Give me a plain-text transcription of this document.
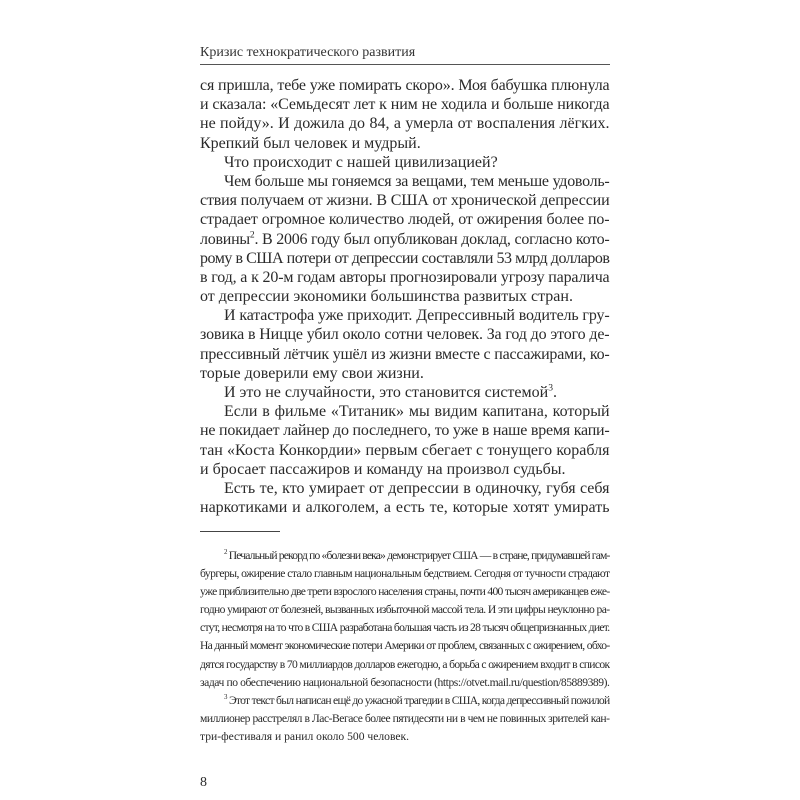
Кризис технократического развития
ся пришла, тебе уже помирать скоро». Моя бабушка плюнула
и сказала: «Семьдесят лет к ним не ходила и больше никогда
не пойду». И дожила до 84, а умерла от воспаления лёгких.
Крепкий был человек и мудрый.
Что происходит с нашей цивилизацией?
Чем больше мы гоняемся за вещами, тем меньше удоволь-
ствия получаем от жизни. В США от хронической депрессии
страдает огромное количество людей, от ожирения более по-
ловины$^2$. В 2006 году был опубликован доклад, согласно кото-
рому в США потери от депрессии составляли 53 млрд долларов
в год, а к 20-м годам авторы прогнозировали угрозу паралича
от депрессии экономики большинства развитых стран.
И катастрофа уже приходит. Депрессивный водитель гру-
зовика в Ницце убил около сотни человек. За год до этого де-
прессивный лётчик ушёл из жизни вместе с пассажирами, ко-
торые доверили ему свои жизни.
И это не случайности, это становится системой$^3$.
Если в фильме «Титаник» мы видим капитана, который
не покидает лайнер до последнего, то уже в наше время капи-
тан «Коста Конкордии» первым сбегает с тонущего корабля
и бросает пассажиров и команду на произвол судьбы.
Есть те, кто умирает от депрессии в одиночку, губя себя
наркотиками и алкоголем, а есть те, которые хотят умирать
$^2$ Печальный рекорд по «болезни века» демонстрирует США — в стране, придумавшей гам-
бургеры, ожирение стало главным национальным бедствием. Сегодня от тучности страдают
уже приблизительно две трети взрослого населения страны, почти 400 тысяч американцев еже-
годно умирают от болезней, вызванных избыточной массой тела. И эти цифры неуклонно ра-
стут, несмотря на то что в США разработана большая часть из 28 тысяч общепризнанных диет.
На данный момент экономические потери Америки от проблем, связанных с ожирением, обхо-
дятся государству в 70 миллиардов долларов ежегодно, а борьба с ожирением входит в список
задач по обеспечению национальной безопасности (https://otvet.mail.ru/question/85889389).
$^3$ Этот текст был написан ещё до ужасной трагедии в США, когда депрессивный пожилой
миллионер расстрелял в Лас-Вегасе более пятидесяти ни в чем не повинных зрителей кан-
три-фестиваля и ранил около 500 человек.
8
